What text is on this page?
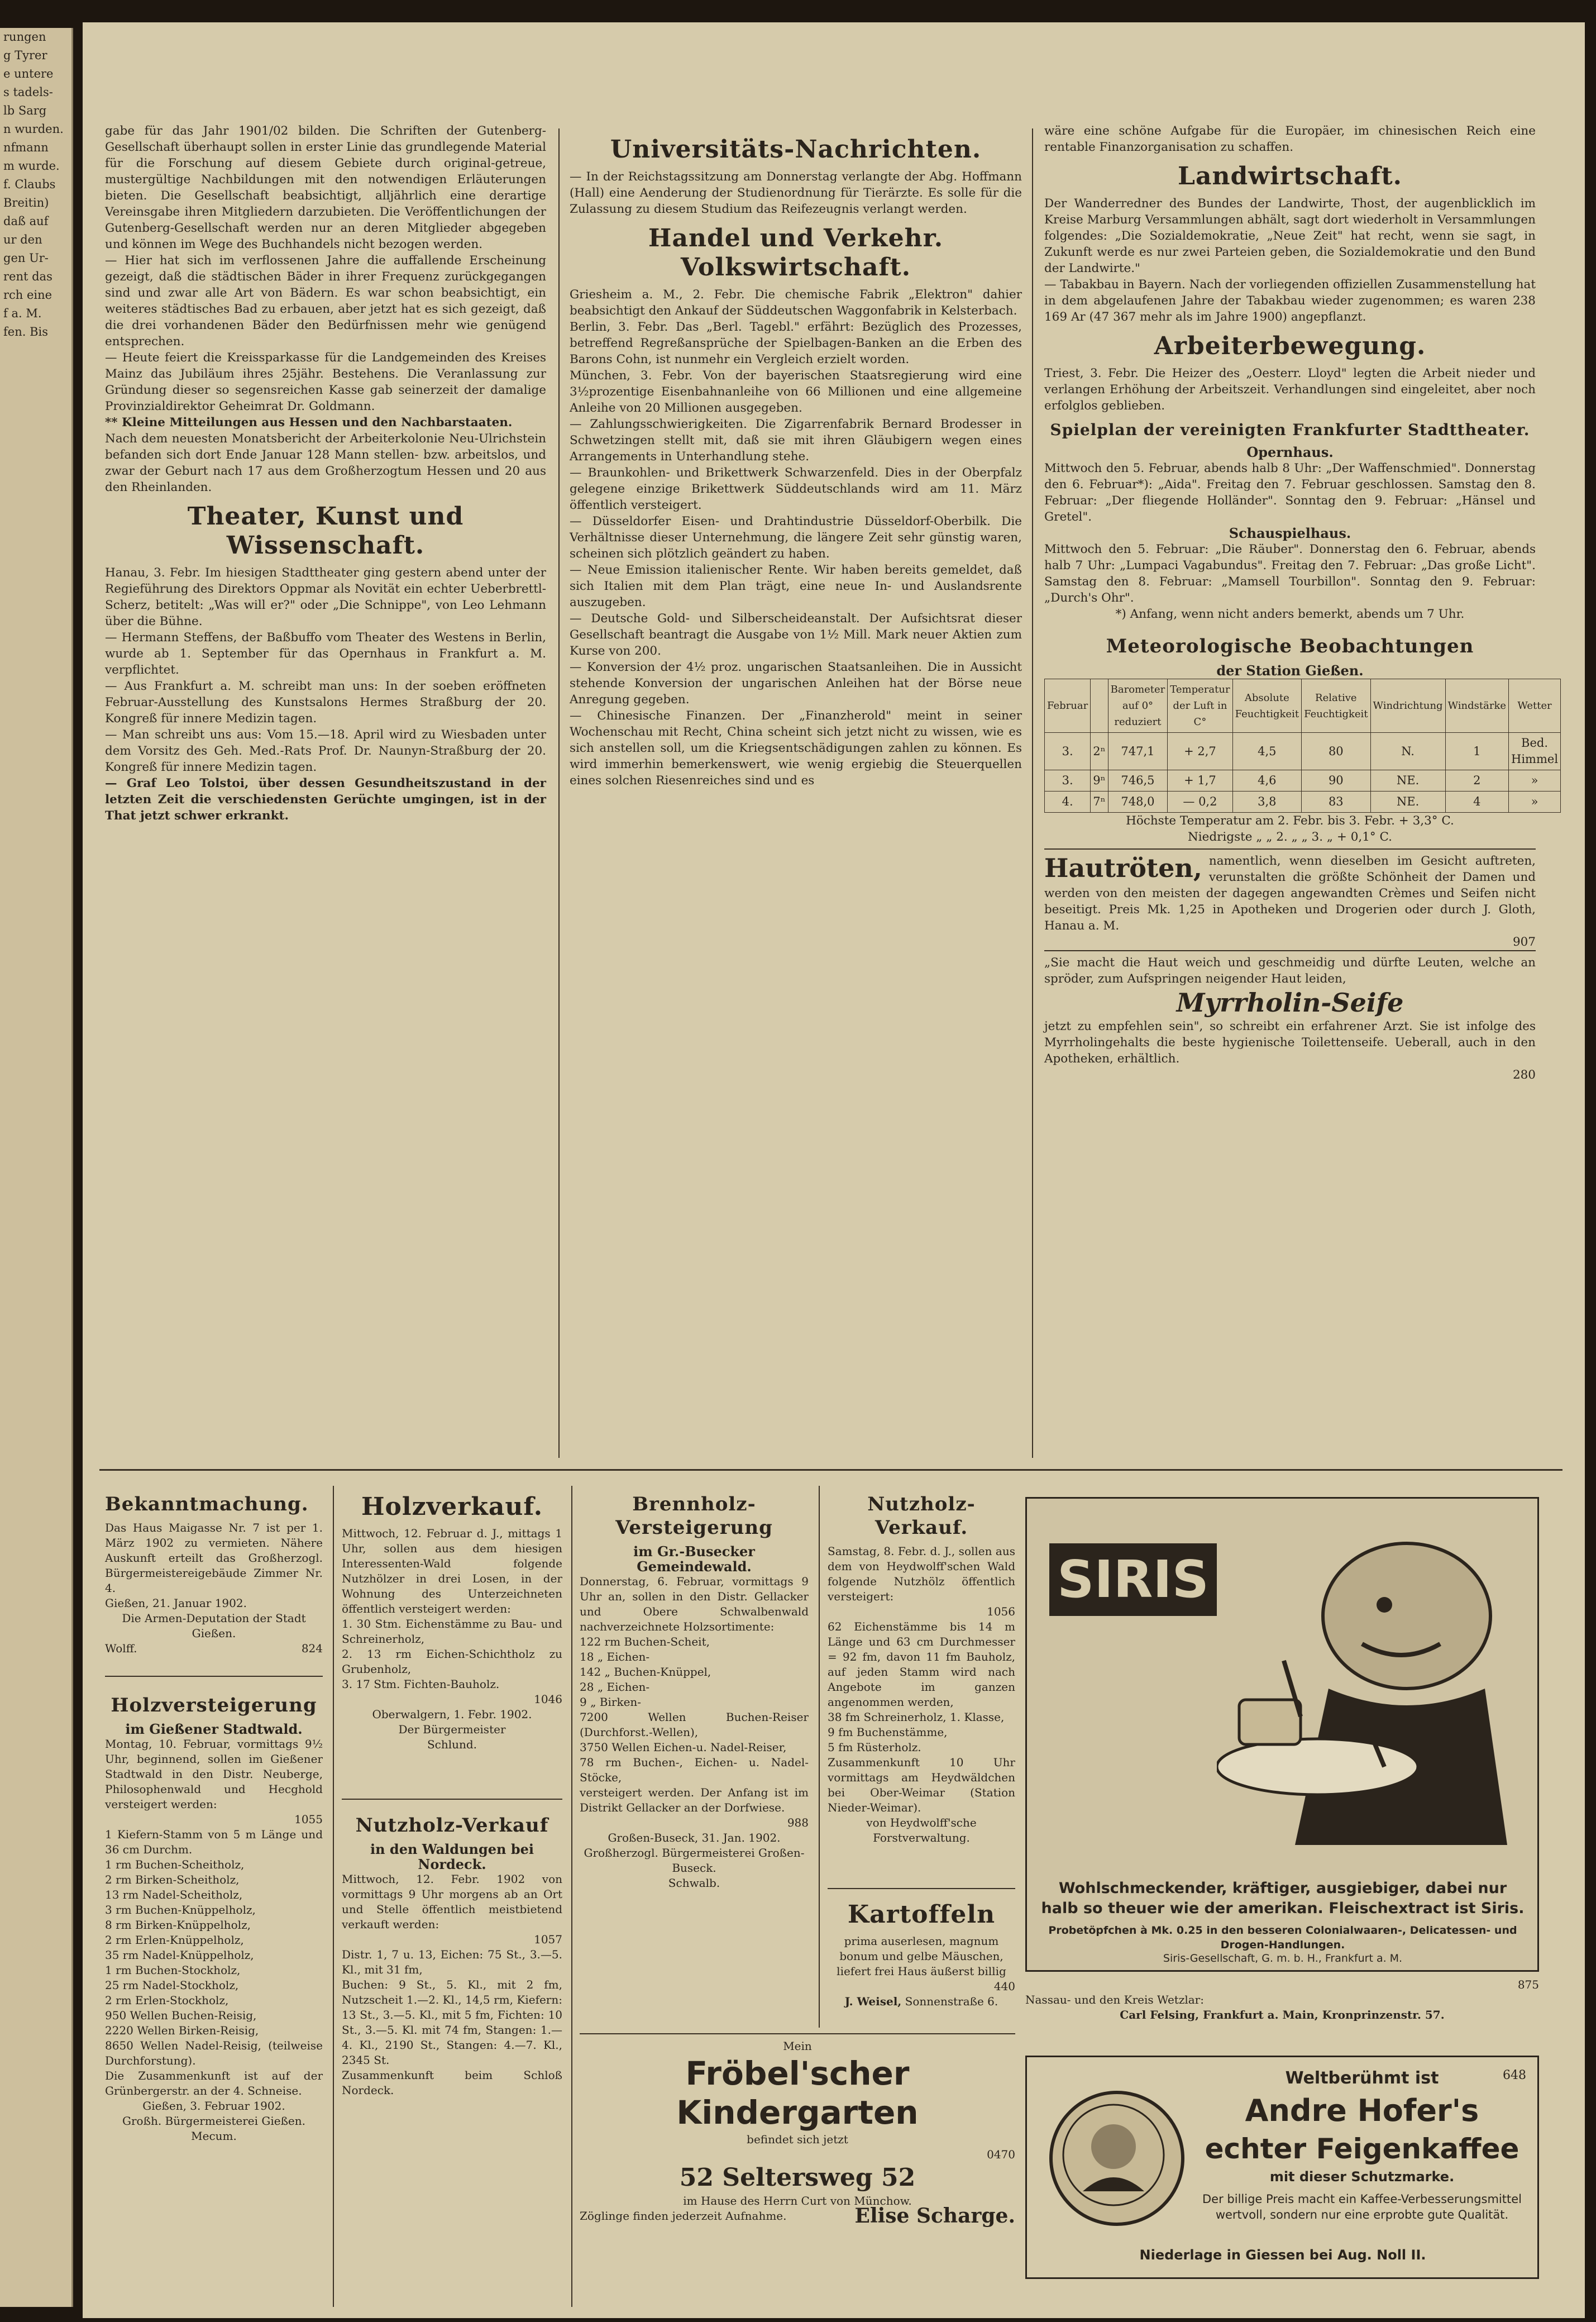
rungen
g Tyrer
e untere
s tadels-
lb Sarg
n wurden.
nfmann
m wurde.
f. Claubs
Breitin)
daß auf
ur den
gen Ur-
rent das
rch eine
f a. M.
fen. Bis

gabe für das Jahr 1901/02 bilden. Die Schriften der Gutenberg-Gesellschaft überhaupt sollen in erster Linie das grundlegende Material für die Forschung auf diesem Gebiete durch original-getreue, mustergültige Nachbildungen mit den notwendigen Erläuterungen bieten. Die Gesellschaft beabsichtigt, alljährlich eine derartige Vereinsgabe ihren Mitgliedern darzubieten. Die Veröffentlichungen der Gutenberg-Gesellschaft werden nur an deren Mitglieder abgegeben und können im Wege des Buchhandels nicht bezogen werden.

— Hier hat sich im verflossenen Jahre die auffallende Erscheinung gezeigt, daß die städtischen Bäder in ihrer Frequenz zurückgegangen sind und zwar alle Art von Bädern. Es war schon beabsichtigt, ein weiteres städtisches Bad zu erbauen, aber jetzt hat es sich gezeigt, daß die drei vorhandenen Bäder den Bedürfnissen mehr wie genügend entsprechen.

— Heute feiert die Kreissparkasse für die Landgemeinden des Kreises Mainz das Jubiläum ihres 25jähr. Bestehens. Die Veranlassung zur Gründung dieser so segensreichen Kasse gab seinerzeit der damalige Provinzialdirektor Geheimrat Dr. Goldmann.

** Kleine Mitteilungen aus Hessen und den Nachbarstaaten.

Nach dem neuesten Monatsbericht der Arbeiterkolonie Neu-Ulrichstein befanden sich dort Ende Januar 128 Mann stellen- bzw. arbeitslos, und zwar der Geburt nach 17 aus dem Großherzogtum Hessen und 20 aus den Rheinlanden.

Theater, Kunst und Wissenschaft.

Hanau, 3. Febr. Im hiesigen Stadttheater ging gestern abend unter der Regieführung des Direktors Oppmar als Novität ein echter Ueberbrettl-Scherz, betitelt: „Was will er?" oder „Die Schnippe", von Leo Lehmann über die Bühne.

— Hermann Steffens, der Baßbuffo vom Theater des Westens in Berlin, wurde ab 1. September für das Opernhaus in Frankfurt a. M. verpflichtet.

— Aus Frankfurt a. M. schreibt man uns: In der soeben eröffneten Februar-Ausstellung des Kunstsalons Hermes Straßburg der 20. Kongreß für innere Medizin tagen.

— Man schreibt uns aus: Vom 15.—18. April wird zu Wiesbaden unter dem Vorsitz des Geh. Med.-Rats Prof. Dr. Naunyn-Straßburg der 20. Kongreß für innere Medizin tagen.

— Graf Leo Tolstoi, über dessen Gesundheitszustand in der letzten Zeit die verschiedensten Gerüchte umgingen, ist in der That jetzt schwer erkrankt.

Universitäts-Nachrichten.

— In der Reichstagssitzung am Donnerstag verlangte der Abg. Hoffmann (Hall) eine Aenderung der Studienordnung für Tierärzte. Es solle für die Zulassung zu diesem Studium das Reifezeugnis verlangt werden.

Handel und Verkehr. Volkswirtschaft.

Griesheim a. M., 2. Febr. Die chemische Fabrik „Elektron" dahier beabsichtigt den Ankauf der Süddeutschen Waggonfabrik in Kelsterbach.

Berlin, 3. Febr. Das „Berl. Tagebl." erfährt: Bezüglich des Prozesses, betreffend Regreßansprüche der Spielbagen-Banken an die Erben des Barons Cohn, ist nunmehr ein Vergleich erzielt worden.

München, 3. Febr. Von der bayerischen Staatsregierung wird eine 3½prozentige Eisenbahnanleihe von 66 Millionen und eine allgemeine Anleihe von 20 Millionen ausgegeben.

— Zahlungsschwierigkeiten. Die Zigarrenfabrik Bernard Brodesser in Schwetzingen stellt mit, daß sie mit ihren Gläubigern wegen eines Arrangements in Unterhandlung stehe.

— Braunkohlen- und Brikettwerk Schwarzenfeld. Dies in der Oberpfalz gelegene einzige Brikettwerk Süddeutschlands wird am 11. März öffentlich versteigert.

— Düsseldorfer Eisen- und Drahtindustrie Düsseldorf-Oberbilk. Die Verhältnisse dieser Unternehmung, die längere Zeit sehr günstig waren, scheinen sich plötzlich geändert zu haben.

— Neue Emission italienischer Rente. Wir haben bereits gemeldet, daß sich Italien mit dem Plan trägt, eine neue In- und Auslandsrente auszugeben.

— Deutsche Gold- und Silberscheideanstalt. Der Aufsichtsrat dieser Gesellschaft beantragt die Ausgabe von 1½ Mill. Mark neuer Aktien zum Kurse von 200.

— Konversion der 4½ proz. ungarischen Staatsanleihen. Die in Aussicht stehende Konversion der ungarischen Anleihen hat der Börse neue Anregung gegeben.

— Chinesische Finanzen. Der „Finanzherold" meint in seiner Wochenschau mit Recht, China scheint sich jetzt nicht zu wissen, wie es sich anstellen soll, um die Kriegsentschädigungen zahlen zu können. Es wird immerhin bemerkenswert, wie wenig ergiebig die Steuerquellen eines solchen Riesenreiches sind und es

wäre eine schöne Aufgabe für die Europäer, im chinesischen Reich eine rentable Finanzorganisation zu schaffen.

Landwirtschaft.

Der Wanderredner des Bundes der Landwirte, Thost, der augenblicklich im Kreise Marburg Versammlungen abhält, sagt dort wiederholt in Versammlungen folgendes: „Die Sozialdemokratie, „Neue Zeit" hat recht, wenn sie sagt, in Zukunft werde es nur zwei Parteien geben, die Sozialdemokratie und den Bund der Landwirte."

— Tabakbau in Bayern. Nach der vorliegenden offiziellen Zusammenstellung hat in dem abgelaufenen Jahre der Tabakbau wieder zugenommen; es waren 238 169 Ar (47 367 mehr als im Jahre 1900) angepflanzt.

Arbeiterbewegung.

Triest, 3. Febr. Die Heizer des „Oesterr. Lloyd" legten die Arbeit nieder und verlangen Erhöhung der Arbeitszeit. Verhandlungen sind eingeleitet, aber noch erfolglos geblieben.

Spielplan der vereinigten Frankfurter Stadttheater.
Opernhaus.

Mittwoch den 5. Februar, abends halb 8 Uhr: „Der Waffenschmied". Donnerstag den 6. Februar*): „Aida". Freitag den 7. Februar geschlossen. Samstag den 8. Februar: „Der fliegende Holländer". Sonntag den 9. Februar: „Hänsel und Gretel".

Schauspielhaus.

Mittwoch den 5. Februar: „Die Räuber". Donnerstag den 6. Februar, abends halb 7 Uhr: „Lumpaci Vagabundus". Freitag den 7. Februar: „Das große Licht". Samstag den 8. Februar: „Mamsell Tourbillon". Sonntag den 9. Februar: „Durch's Ohr".

*) Anfang, wenn nicht anders bemerkt, abends um 7 Uhr.

Meteorologische Beobachtungen
der Station Gießen.
Februar		Barometer auf 0° reduziert	Temperatur der Luft in C°	Absolute Feuchtigkeit	Relative Feuchtigkeit	Windrichtung	Windstärke	Wetter
3.	2ⁿ	747,1	+ 2,7	4,5	80	N.	1	Bed. Himmel
3.	9ⁿ	746,5	+ 1,7	4,6	90	NE.	2	»
4.	7ⁿ	748,0	— 0,2	3,8	83	NE.	4	»

Höchste Temperatur am 2. Febr. bis 3. Febr. + 3,3° C.

Niedrigste „ „ 2. „ „ 3. „ + 0,1° C.

Hautröten, namentlich, wenn dieselben im Gesicht auftreten, verunstalten die größte Schönheit der Damen und werden von den meisten der dagegen angewandten Crèmes und Seifen nicht beseitigt. Preis Mk. 1,25 in Apotheken und Drogerien oder durch J. Gloth, Hanau a. M.

907

„Sie macht die Haut weich und geschmeidig und dürfte Leuten, welche an spröder, zum Aufspringen neigender Haut leiden,

Myrrholin-Seife

jetzt zu empfehlen sein", so schreibt ein erfahrener Arzt. Sie ist infolge des Myrrholingehalts die beste hygienische Toilettenseife. Ueberall, auch in den Apotheken, erhältlich.

280

Bekanntmachung.

Das Haus Maigasse Nr. 7 ist per 1. März 1902 zu vermieten. Nähere Auskunft erteilt das Großherzogl. Bürgermeistereigebäude Zimmer Nr. 4.

Gießen, 21. Januar 1902.

Die Armen-Deputation der Stadt Gießen.

Wolff.	824

Holzversteigerung
im Gießener Stadtwald.

Montag, 10. Februar, vormittags 9½ Uhr, beginnend, sollen im Gießener Stadtwald in den Distr. Neuberge, Philosophenwald und Hecghold versteigert werden:

1055

1 Kiefern-Stamm von 5 m Länge und 36 cm Durchm.

1 rm Buchen-Scheitholz,

2 rm Birken-Scheitholz,

13 rm Nadel-Scheitholz,

3 rm Buchen-Knüppelholz,

8 rm Birken-Knüppelholz,

2 rm Erlen-Knüppelholz,

35 rm Nadel-Knüppelholz,

1 rm Buchen-Stockholz,

25 rm Nadel-Stockholz,

2 rm Erlen-Stockholz,

950 Wellen Buchen-Reisig,

2220 Wellen Birken-Reisig,

8650 Wellen Nadel-Reisig, (teilweise Durchforstung).

Die Zusammenkunft ist auf der Grünbergerstr. an der 4. Schneise.

Gießen, 3. Februar 1902.

Großh. Bürgermeisterei Gießen.

Mecum.

Holzverkauf.

Mittwoch, 12. Februar d. J., mittags 1 Uhr, sollen aus dem hiesigen Interessenten-Wald folgende Nutzhölzer in drei Losen, in der Wohnung des Unterzeichneten öffentlich versteigert werden:

1. 30 Stm. Eichenstämme zu Bau- und Schreinerholz,

2. 13 rm Eichen-Schichtholz zu Grubenholz,

3. 17 Stm. Fichten-Bauholz.

1046

Oberwalgern, 1. Febr. 1902.

Der Bürgermeister

Schlund.

Nutzholz-Verkauf
in den Waldungen bei Nordeck.

Mittwoch, 12. Febr. 1902 von vormittags 9 Uhr morgens ab an Ort und Stelle öffentlich meistbietend verkauft werden:

1057

Distr. 1, 7 u. 13, Eichen: 75 St., 3.—5. Kl., mit 31 fm,

Buchen: 9 St., 5. Kl., mit 2 fm, Nutzscheit 1.—2. Kl., 14,5 rm, Kiefern: 13 St., 3.—5. Kl., mit 5 fm, Fichten: 10 St., 3.—5. Kl. mit 74 fm, Stangen: 1.—4. Kl., 2190 St., Stangen: 4.—7. Kl., 2345 St.

Zusammenkunft beim Schloß Nordeck.

Brennholz-Versteigerung
im Gr.-Busecker Gemeindewald.

Donnerstag, 6. Februar, vormittags 9 Uhr an, sollen in den Distr. Gellacker und Obere Schwalbenwald nachverzeichnete Holzsortimente:

122 rm Buchen-Scheit,

18 „ Eichen-

142 „ Buchen-Knüppel,

28 „ Eichen-

9 „ Birken-

7200 Wellen Buchen-Reiser (Durchforst.-Wellen),

3750 Wellen Eichen-u. Nadel-Reiser,

78 rm Buchen-, Eichen- u. Nadel-Stöcke,

versteigert werden. Der Anfang ist im Distrikt Gellacker an der Dorfwiese.

988

Großen-Buseck, 31. Jan. 1902.

Großherzogl. Bürgermeisterei Großen-Buseck.

Schwalb.

Nutzholz-Verkauf.

Samstag, 8. Febr. d. J., sollen aus dem von Heydwolff'schen Wald folgende Nutzhölz öffentlich versteigert:

1056

62 Eichenstämme bis 14 m Länge und 63 cm Durchmesser = 92 fm, davon 11 fm Bauholz, auf jeden Stamm wird nach Angebote im ganzen angenommen werden,

38 fm Schreinerholz, 1. Klasse,

9 fm Buchenstämme,

5 fm Rüsterholz.

Zusammenkunft 10 Uhr vormittags am Heydwäldchen bei Ober-Weimar (Station Nieder-Weimar).

von Heydwolff'sche Forstverwaltung.

Kartoffeln

prima auserlesen, magnum bonum und gelbe Mäuschen, liefert frei Haus äußerst billig

440

J. Weisel, Sonnenstraße 6.

Mein

Fröbel'scher Kindergarten

befindet sich jetzt

0470

52 Seltersweg 52

im Hause des Herrn Curt von Münchow.

Zöglinge finden jederzeit Aufnahme.	Elise Scharge.

SIRIS
Wohlschmeckender, kräftiger, ausgiebiger, dabei nur halb so theuer wie der amerikan. Fleischextract ist Siris.
Probetöpfchen à Mk. 0.25 in den besseren Colonialwaaren-, Delicatessen- und Drogen-Handlungen.
Siris-Gesellschaft, G. m. b. H., Frankfurt a. M.

875

Nassau- und den Kreis Wetzlar:

Carl Felsing, Frankfurt a. Main, Kronprinzenstr. 57.

Weltberühmt ist	648
Andre Hofer's
echter Feigenkaffee
mit dieser Schutzmarke.
Der billige Preis macht ein Kaffee-Verbesserungsmittel wertvoll, sondern nur eine erprobte gute Qualität.
Niederlage in Giessen bei Aug. Noll II.
